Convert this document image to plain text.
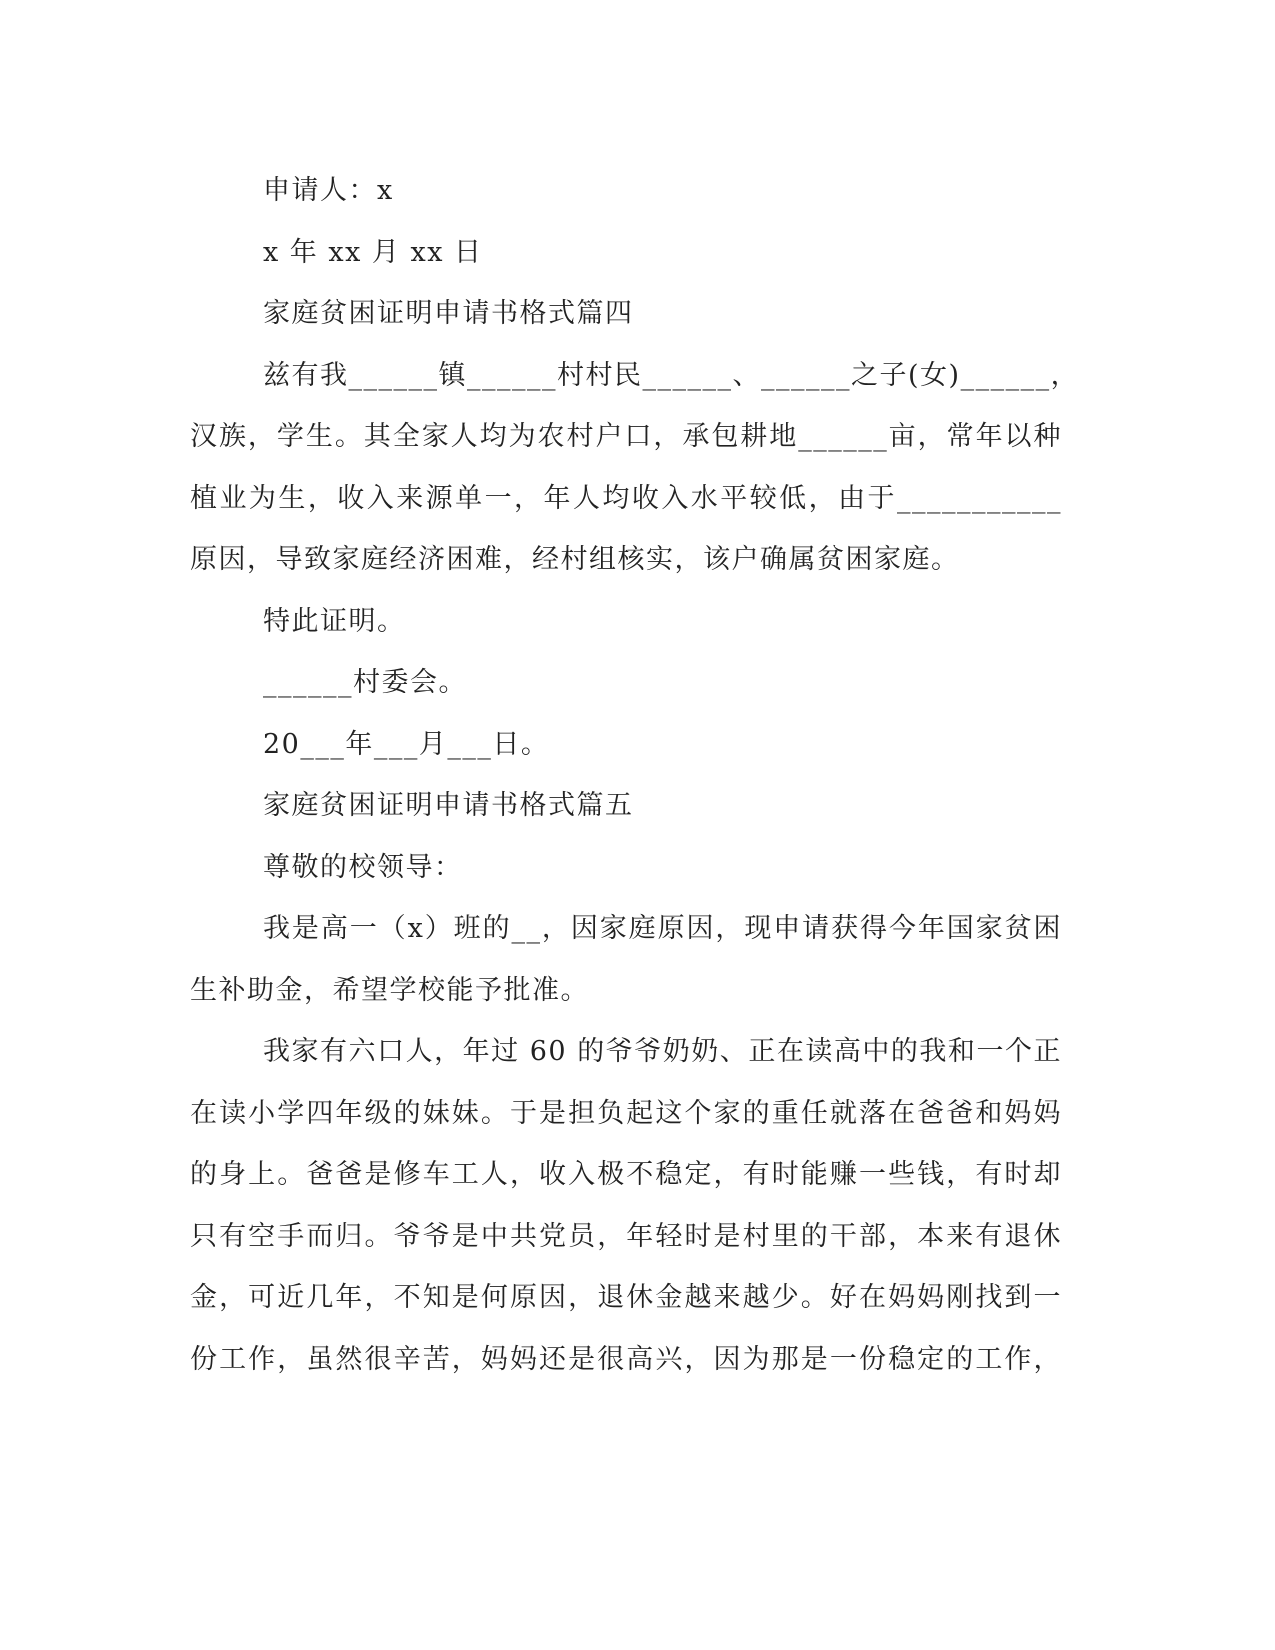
申请人：x

x 年 xx 月 xx 日

家庭贫困证明申请书格式篇四

兹有我______镇______村村民______、______之子(女)______，

汉族，学生。其全家人均为农村户口，承包耕地______亩，常年以种

植业为生，收入来源单一，年人均收入水平较低，由于___________

原因，导致家庭经济困难，经村组核实，该户确属贫困家庭。

特此证明。

______村委会。

20___年___月___日。

家庭贫困证明申请书格式篇五

尊敬的校领导：

我是高一（x）班的__，因家庭原因，现申请获得今年国家贫困

生补助金，希望学校能予批准。

我家有六口人，年过 60 的爷爷奶奶、正在读高中的我和一个正

在读小学四年级的妹妹。于是担负起这个家的重任就落在爸爸和妈妈

的身上。爸爸是修车工人，收入极不稳定，有时能赚一些钱，有时却

只有空手而归。爷爷是中共党员，年轻时是村里的干部，本来有退休

金，可近几年，不知是何原因，退休金越来越少。好在妈妈刚找到一

份工作，虽然很辛苦，妈妈还是很高兴，因为那是一份稳定的工作，
